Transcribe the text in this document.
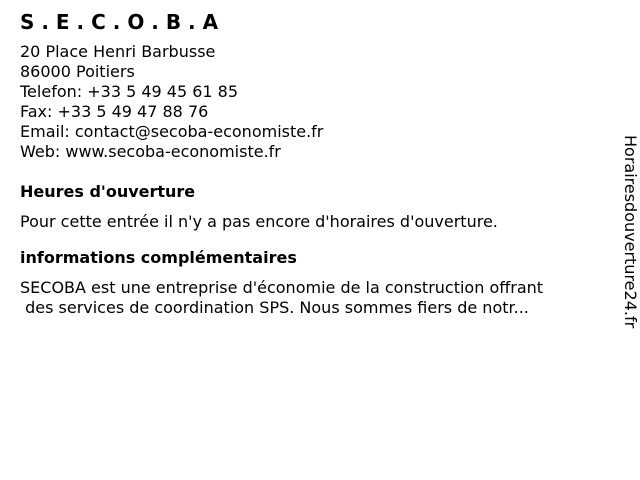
S . E . C . O . B . A
20 Place Henri Barbusse
86000 Poitiers
Telefon: +33 5 49 45 61 85
Fax: +33 5 49 47 88 76
Email: contact@secoba-economiste.fr
Web: www.secoba-economiste.fr
Heures d'ouverture
Pour cette entrée il n'y a pas encore d'horaires d'ouverture.
informations complémentaires
SECOBA est une entreprise d'économie de la construction offrant
des services de coordination SPS. Nous sommes fiers de notr...	Horairesdouverture24.fr
